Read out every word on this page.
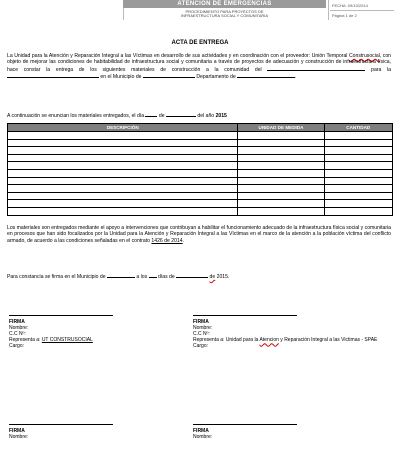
ATENCIÓN DE EMERGENCIAS
PROCEDIMIENTO PARA PROYECTOS DE
INFRAESTRUCTURA SOCIAL Y COMUNITARIA
FECHA: 09/10/2014
Página 1 de 2
ACTA DE ENTREGA
La Unidad para la Atención y Reparación Integral a las Víctimas en desarrollo de sus actividades y en coordinación con el proveedor: Unión Temporal Construsocial, con objeto de mejorar las condiciones de habitabilidad de infraestructura social y comunitaria a través de proyectos de adecuación y construcción de infraestructura física, hace constar la entrega de los siguientes materiales de construcción a la comunidad del	para la  en el Municipio de	Departamento de	.
A continuación se enuncian los materiales entregados, el día	de	del año 2015
DESCRIPCIÓN	UNIDAD DE MEDIDA	CANTIDAD

Los materiales son entregados mediante el apoyo a intervenciones que contribuyan a habilitar el funcionamiento adecuado de la infraestructura física social y comunitaria en procesos que han sido focalizados por la Unidad para la Atención y Reparación Integral a las Víctimas en el marco de la atención a la población víctima del conflicto armado, de acuerdo a las condiciones señaladas en el contrato 1426 de 2014.
Para constancia se firma en el Municipio de	a los días de	de 2015.
FIRMA
Nombre:
C.C Nº:
Representa a: UT CONSTRUSOCIAL
Cargo:
FIRMA
Nombre:
C.C Nº:
Representa a: Unidad para la Atencion y Reparación Integral a las Victimas - SPAE
Cargo:
FIRMA
Nombre:
FIRMA
Nombre:
